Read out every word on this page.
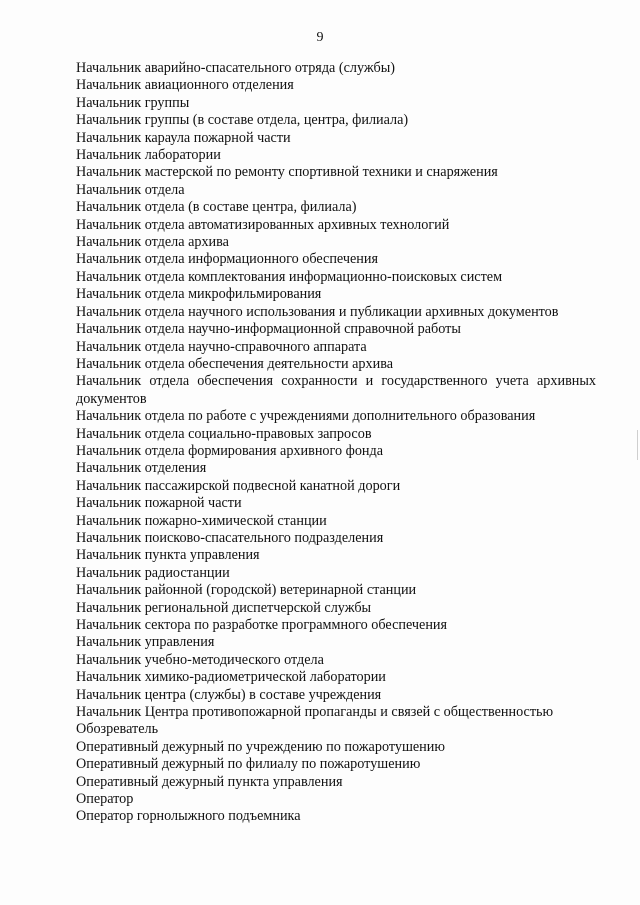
9
Начальник аварийно-спасательного отряда (службы)
Начальник авиационного отделения
Начальник группы
Начальник группы (в составе отдела, центра, филиала)
Начальник караула пожарной части
Начальник лаборатории
Начальник мастерской по ремонту спортивной техники и снаряжения
Начальник отдела
Начальник отдела (в составе центра, филиала)
Начальник отдела автоматизированных архивных технологий
Начальник отдела архива
Начальник отдела информационного обеспечения
Начальник отдела комплектования информационно-поисковых систем
Начальник отдела микрофильмирования
Начальник отдела научного использования и публикации архивных документов
Начальник отдела научно-информационной справочной работы
Начальник отдела научно-справочного аппарата
Начальник отдела обеспечения деятельности архива
Начальник отдела обеспечения сохранности и государственного учета архивных документов
Начальник отдела по работе с учреждениями дополнительного образования
Начальник отдела социально-правовых запросов
Начальник отдела формирования архивного фонда
Начальник отделения
Начальник пассажирской подвесной канатной дороги
Начальник пожарной части
Начальник пожарно-химической станции
Начальник поисково-спасательного подразделения
Начальник пункта управления
Начальник радиостанции
Начальник районной (городской) ветеринарной станции
Начальник региональной диспетчерской службы
Начальник сектора по разработке программного обеспечения
Начальник управления
Начальник учебно-методического отдела
Начальник химико-радиометрической лаборатории
Начальник центра (службы) в составе учреждения
Начальник Центра противопожарной пропаганды и связей с общественностью
Обозреватель
Оперативный дежурный по учреждению по пожаротушению
Оперативный дежурный по филиалу по пожаротушению
Оперативный дежурный пункта управления
Оператор
Оператор горнолыжного подъемника
